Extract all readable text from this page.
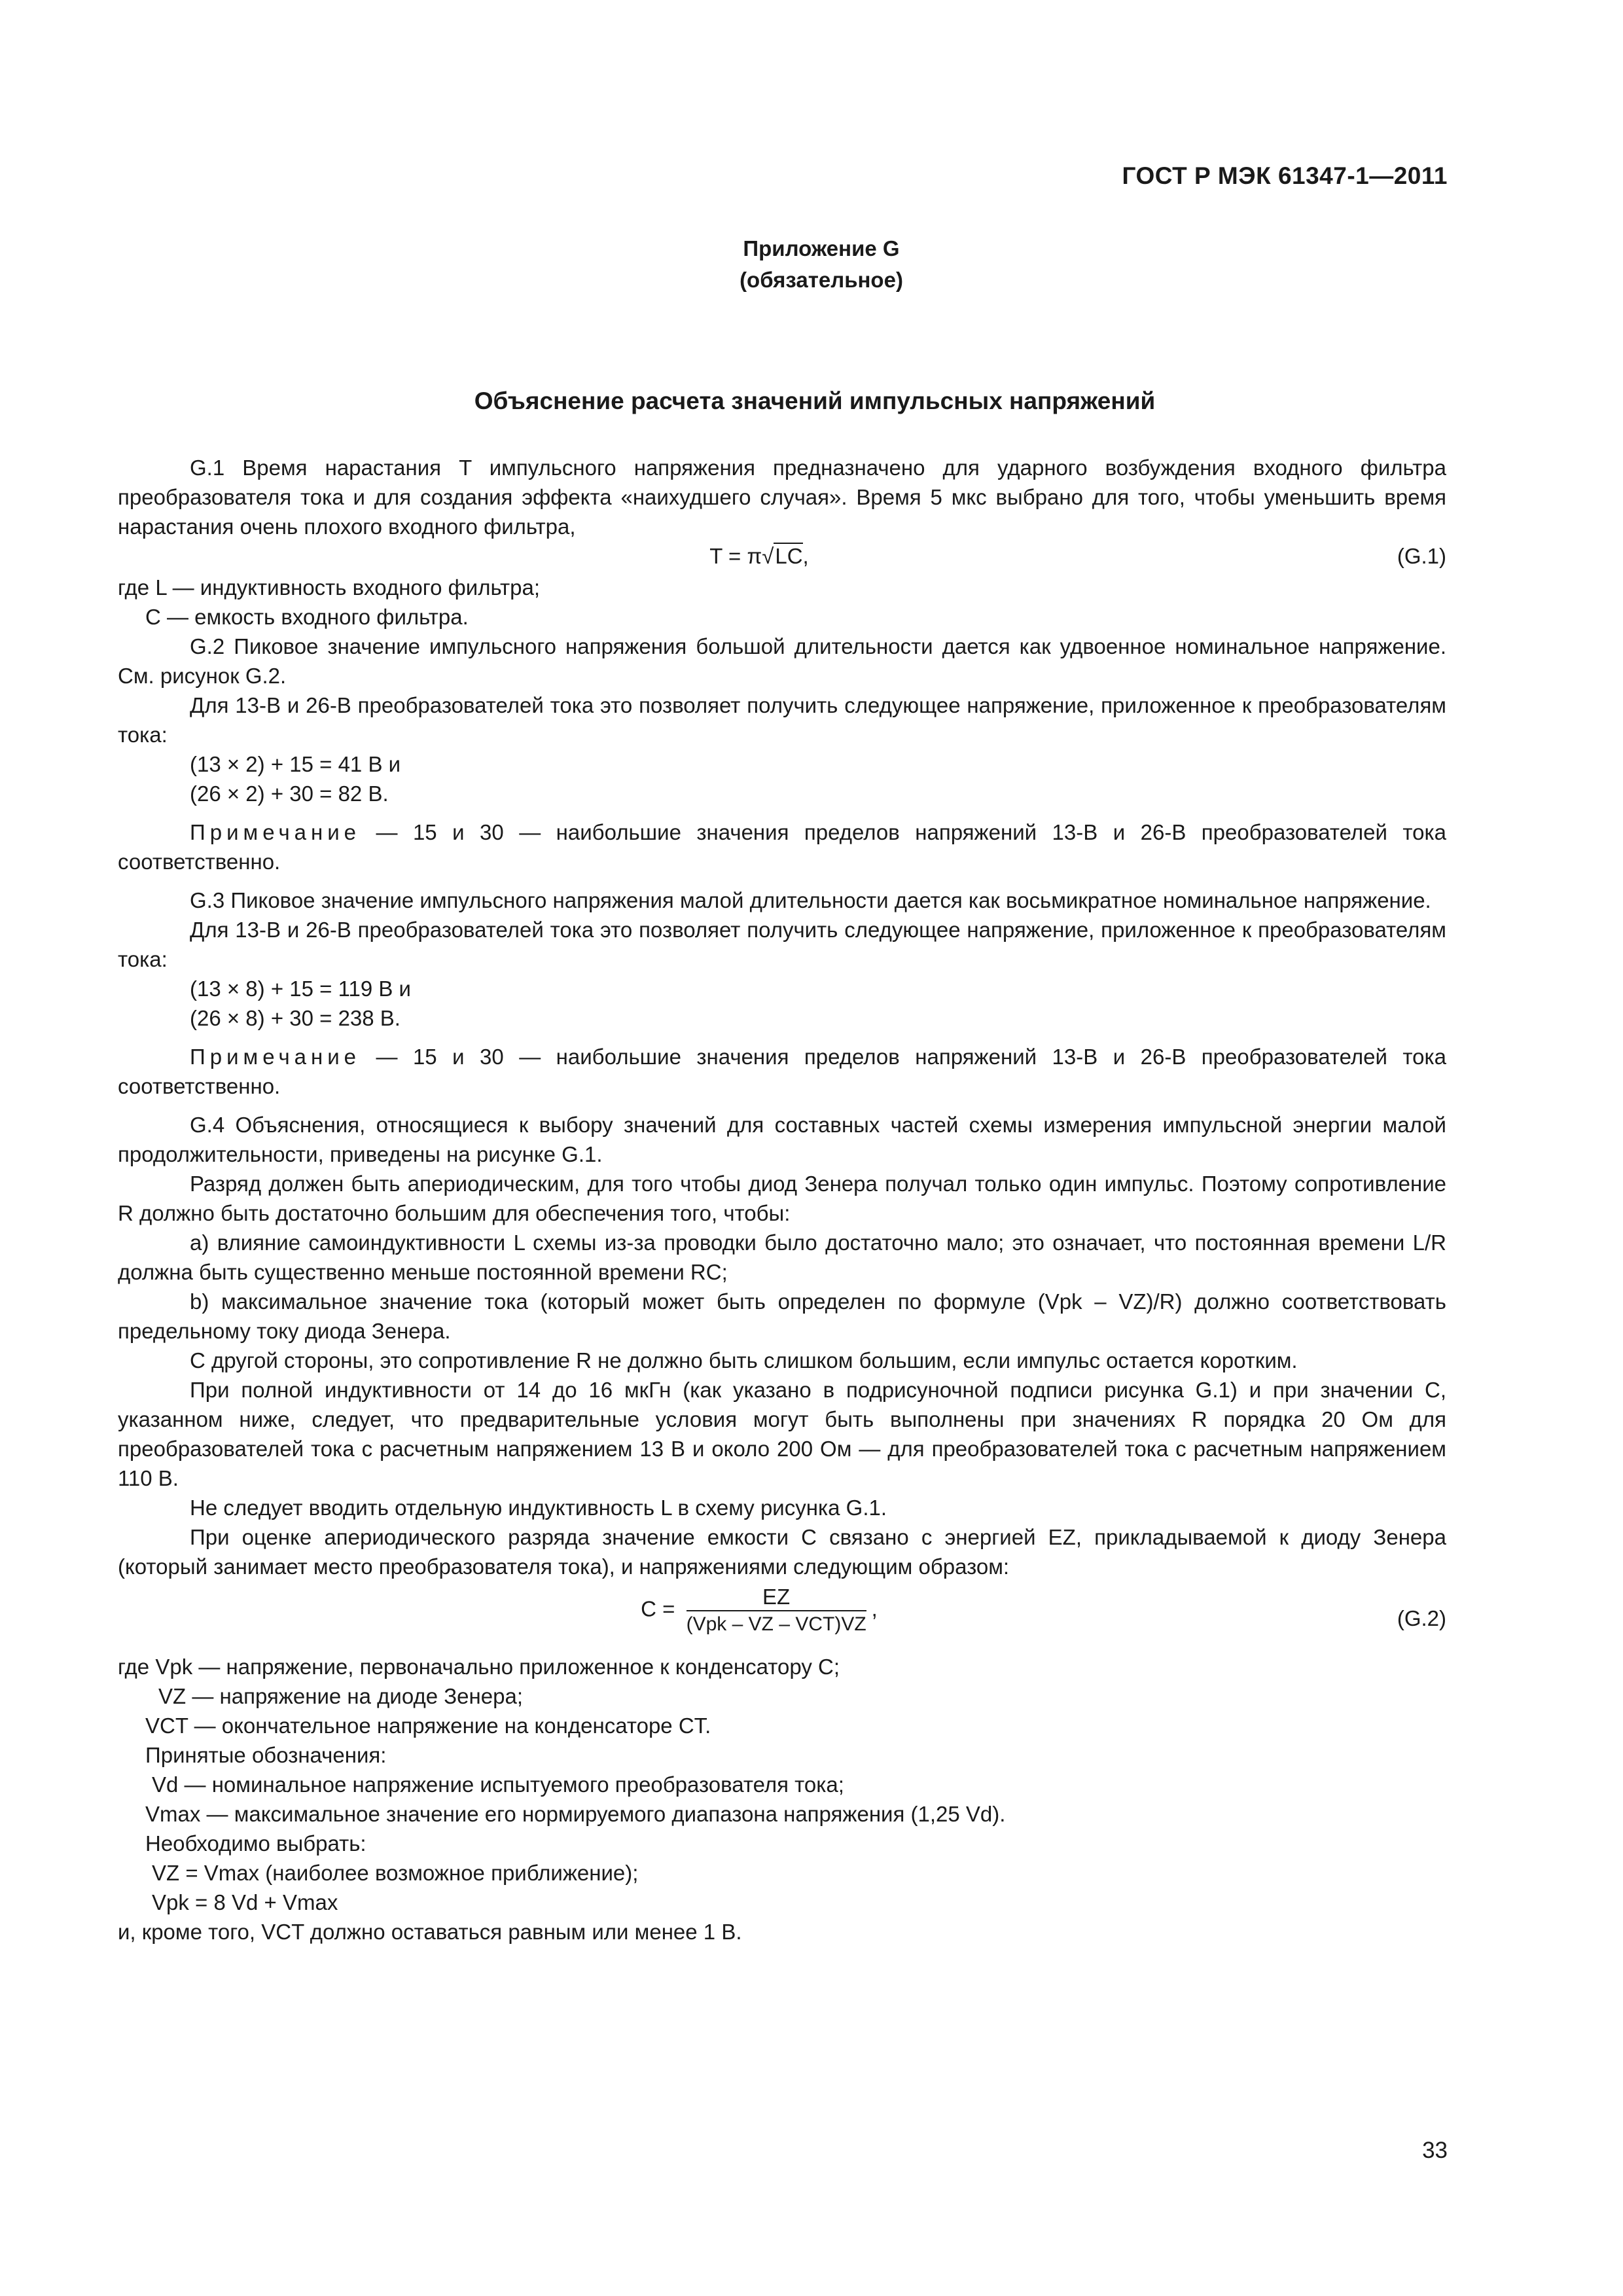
ГОСТ Р МЭК 61347-1—2011
Приложение G
(обязательное)
Объяснение расчета значений импульсных напряжений

G.1 Время нарастания T импульсного напряжения предназначено для ударного возбуждения входного фильтра преобразователя тока и для создания эффекта «наихудшего случая». Время 5 мкс выбрано для того, чтобы уменьшить время нарастания очень плохого входного фильтра,

T = π√LC,	(G.1)

где L — индуктивность входного фильтра;

C — емкость входного фильтра.

G.2 Пиковое значение импульсного напряжения большой длительности дается как удвоенное номинальное напряжение. См. рисунок G.2.

Для 13-В и 26-В преобразователей тока это позволяет получить следующее напряжение, приложенное к преобразователям тока:

(13 × 2) + 15 = 41 В и

(26 × 2) + 30 = 82 В.

Примечание — 15 и 30 — наибольшие значения пределов напряжений 13-В и 26-В преобразователей тока соответственно.

G.3 Пиковое значение импульсного напряжения малой длительности дается как восьмикратное номинальное напряжение.

Для 13-В и 26-В преобразователей тока это позволяет получить следующее напряжение, приложенное к преобразователям тока:

(13 × 8) + 15 = 119 В и

(26 × 8) + 30 = 238 В.

Примечание — 15 и 30 — наибольшие значения пределов напряжений 13-В и 26-В преобразователей тока соответственно.

G.4 Объяснения, относящиеся к выбору значений для составных частей схемы измерения импульсной энергии малой продолжительности, приведены на рисунке G.1.

Разряд должен быть апериодическим, для того чтобы диод Зенера получал только один импульс. Поэтому сопротивление R должно быть достаточно большим для обеспечения того, чтобы:

a) влияние самоиндуктивности L схемы из-за проводки было достаточно мало; это означает, что постоянная времени L/R должна быть существенно меньше постоянной времени RC;

b) максимальное значение тока (который может быть определен по формуле (Vpk – VZ)/R) должно соответствовать предельному току диода Зенера.

С другой стороны, это сопротивление R не должно быть слишком большим, если импульс остается коротким.

При полной индуктивности от 14 до 16 мкГн (как указано в подрисуночной подписи рисунка G.1) и при значении C, указанном ниже, следует, что предварительные условия могут быть выполнены при значениях R порядка 20 Ом для преобразователей тока с расчетным напряжением 13 В и около 200 Ом — для преобразователей тока с расчетным напряжением 110 В.

Не следует вводить отдельную индуктивность L в схему рисунка G.1.

При оценке апериодического разряда значение емкости C связано с энергией EZ, прикладываемой к диоду Зенера (который занимает место преобразователя тока), и напряжениями следующим образом:

$C = \frac{EZ}{\text{(Vpk – VZ – VCT)VZ}}$ ,	(G.2)

где Vpk — напряжение, первоначально приложенное к конденсатору C;

VZ — напряжение на диоде Зенера;

VCT — окончательное напряжение на конденсаторе CT.

Принятые обозначения:

Vd — номинальное напряжение испытуемого преобразователя тока;

Vmax — максимальное значение его нормируемого диапазона напряжения (1,25 Vd).

Необходимо выбрать:

VZ = Vmax (наиболее возможное приближение);

Vpk = 8 Vd + Vmax

и, кроме того, VCT должно оставаться равным или менее 1 В.

33
